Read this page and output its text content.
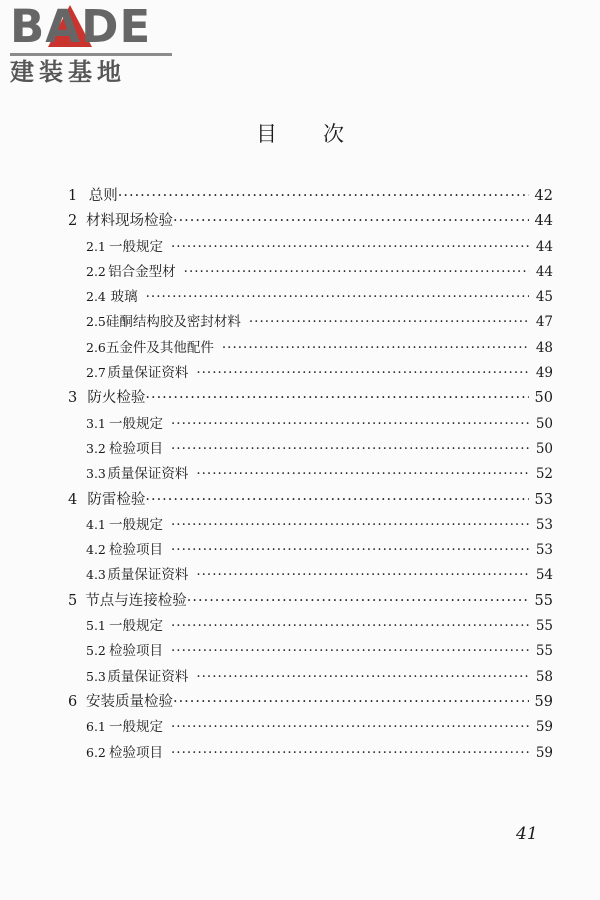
BADE
建装基地
目次
1 总则 ·····	42
2 材料现场检验 ·····	44
2.1 一般规定 ·····	44
2.2 铝合金型材 ·····	44
2.4 玻璃 ·····	45
2.5 硅酮结构胶及密封材料 ·····	47
2.6 五金件及其他配件 ·····	48
2.7 质量保证资料 ·····	49
3 防火检验 ·····	50
3.1 一般规定 ·····	50
3.2 检验项目 ·····	50
3.3 质量保证资料 ·····	52
4 防雷检验 ·····	53
4.1 一般规定 ·····	53
4.2 检验项目 ·····	53
4.3 质量保证资料 ·····	54
5 节点与连接检验 ·····	55
5.1 一般规定 ·····	55
5.2 检验项目 ·····	55
5.3 质量保证资料 ·····	58
6 安装质量检验 ·····	59
6.1 一般规定 ·····	59
6.2 检验项目 ·····	59
41
